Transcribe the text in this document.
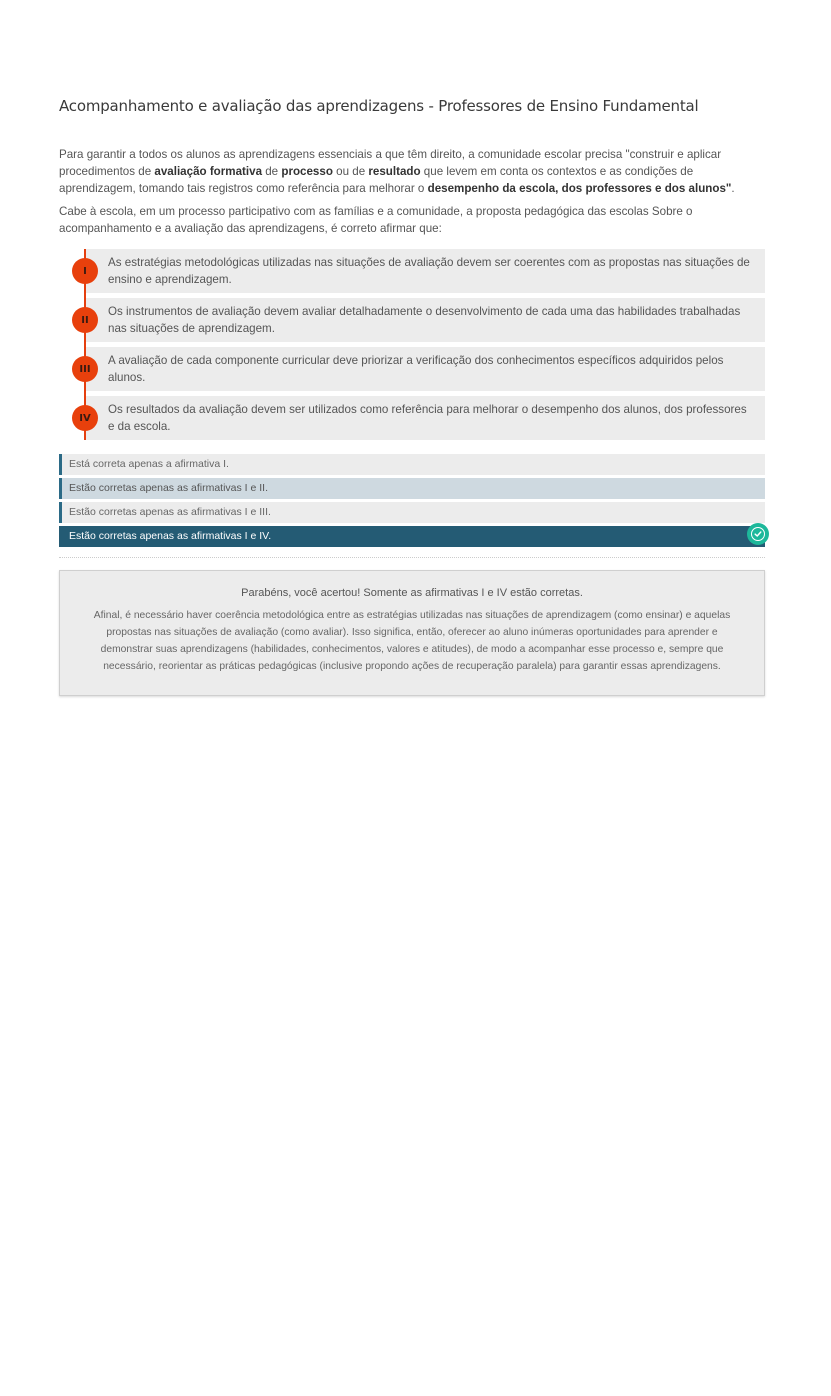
Acompanhamento e avaliação das aprendizagens - Professores de Ensino Fundamental

Para garantir a todos os alunos as aprendizagens essenciais a que têm direito, a comunidade escolar precisa "construir e aplicar procedimentos de avaliação formativa de processo ou de resultado que levem em conta os contextos e as condições de aprendizagem, tomando tais registros como referência para melhorar o desempenho da escola, dos professores e dos alunos".

Cabe à escola, em um processo participativo com as famílias e a comunidade, a proposta pedagógica das escolas Sobre o acompanhamento e a avaliação das aprendizagens, é correto afirmar que:

I
As estratégias metodológicas utilizadas nas situações de avaliação devem ser coerentes com as propostas nas situações de ensino e aprendizagem.
II
Os instrumentos de avaliação devem avaliar detalhadamente o desenvolvimento de cada uma das habilidades trabalhadas nas situações de aprendizagem.
III
A avaliação de cada componente curricular deve priorizar a verificação dos conhecimentos específicos adquiridos pelos alunos.
IV
Os resultados da avaliação devem ser utilizados como referência para melhorar o desempenho dos alunos, dos professores e da escola.
Está correta apenas a afirmativa I.
Estão corretas apenas as afirmativas I e II.
Estão corretas apenas as afirmativas I e III.
Estão corretas apenas as afirmativas I e IV.
Parabéns, você acertou! Somente as afirmativas I e IV estão corretas.
Afinal, é necessário haver coerência metodológica entre as estratégias utilizadas nas situações de aprendizagem (como ensinar) e aquelas propostas nas situações de avaliação (como avaliar). Isso significa, então, oferecer ao aluno inúmeras oportunidades para aprender e demonstrar suas aprendizagens (habilidades, conhecimentos, valores e atitudes), de modo a acompanhar esse processo e, sempre que necessário, reorientar as práticas pedagógicas (inclusive propondo ações de recuperação paralela) para garantir essas aprendizagens.
